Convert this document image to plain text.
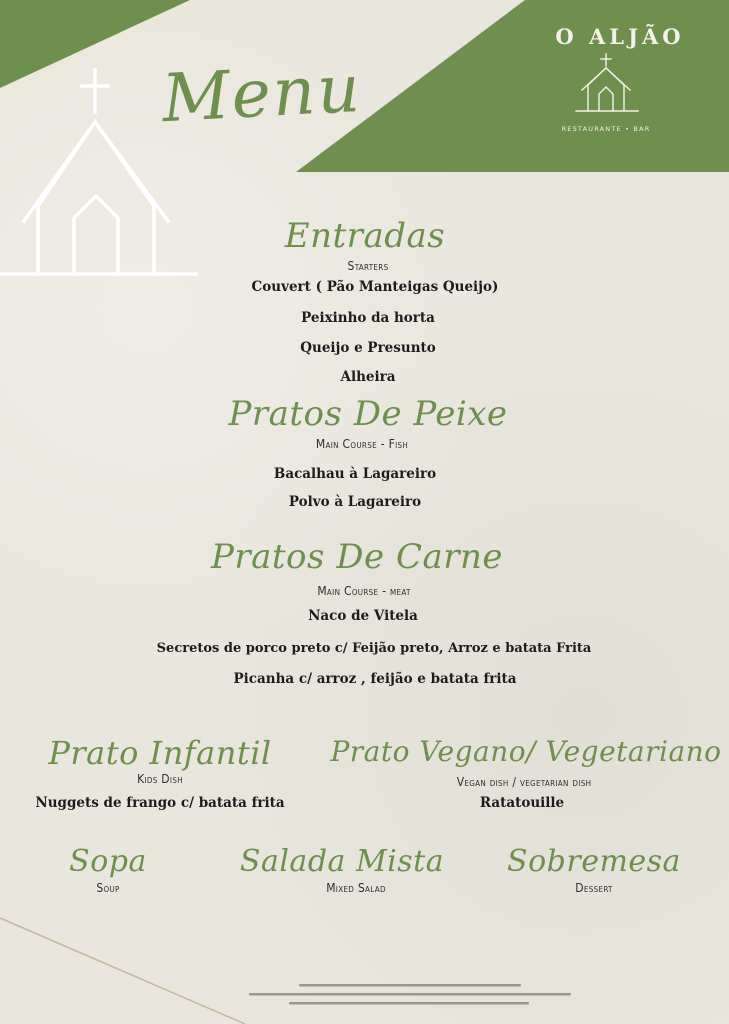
O ALJÃO
RESTAURANTE • BAR
Menu
Entradas
Starters
Couvert ( Pão Manteigas Queijo)
Peixinho da horta
Queijo e Presunto
Alheira
Pratos De Peixe
Main Course - Fish
Bacalhau à Lagareiro
Polvo à Lagareiro
Pratos De Carne
Main Course - meat
Naco de Vitela
Secretos de porco preto c/ Feijão preto, Arroz e batata Frita
Picanha c/ arroz , feijão e batata frita
Prato Infantil
Kids Dish
Nuggets de frango c/ batata frita
Prato Vegano/ Vegetariano
Vegan dish / vegetarian dish
Ratatouille
Sopa
Soup
Salada Mista
Mixed Salad
Sobremesa
Dessert
